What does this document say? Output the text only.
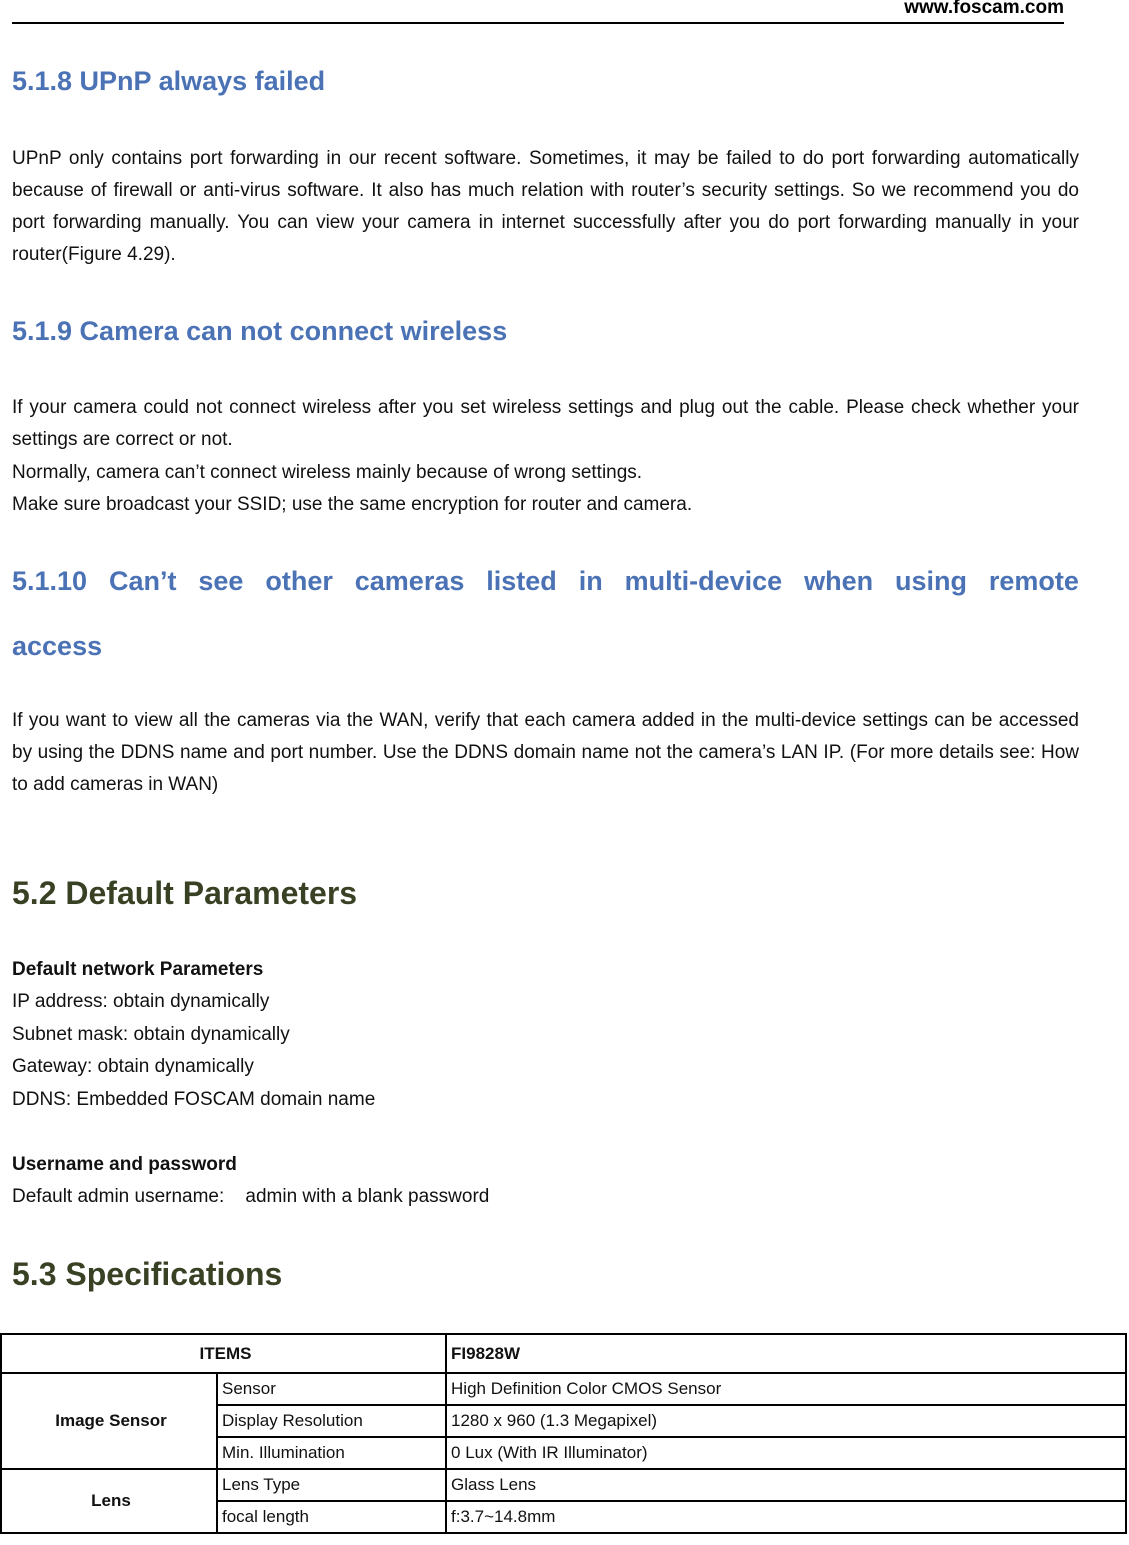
www.foscam.com
5.1.8 UPnP always failed

UPnP only contains port forwarding in our recent software. Sometimes, it may be failed to do port forwarding automatically because of firewall or anti-virus software. It also has much relation with router’s security settings. So we recommend you do port forwarding manually. You can view your camera in internet successfully after you do port forwarding manually in your router(Figure 4.29).

5.1.9 Camera can not connect wireless

If your camera could not connect wireless after you set wireless settings and plug out the cable. Please check whether your settings are correct or not.

Normally, camera can’t connect wireless mainly because of wrong settings.

Make sure broadcast your SSID; use the same encryption for router and camera.

5.1.10 Can’t see other cameras listed in multi-device when using remote
access

If you want to view all the cameras via the WAN, verify that each camera added in the multi-device settings can be accessed by using the DDNS name and port number. Use the DDNS domain name not the camera’s LAN IP. (For more details see: How to add cameras in WAN)

5.2 Default Parameters

Default network Parameters

IP address: obtain dynamically

Subnet mask: obtain dynamically

Gateway: obtain dynamically

DDNS: Embedded FOSCAM domain name

Username and password

Default admin username:    admin with a blank password

5.3 Specifications
ITEMS		FI9828W
Image Sensor	Sensor	High Definition Color CMOS Sensor
	Display Resolution	1280 x 960 (1.3 Megapixel)
	Min. Illumination	0 Lux (With IR Illuminator)
Lens	Lens Type	Glass Lens
	focal length	f:3.7~14.8mm
